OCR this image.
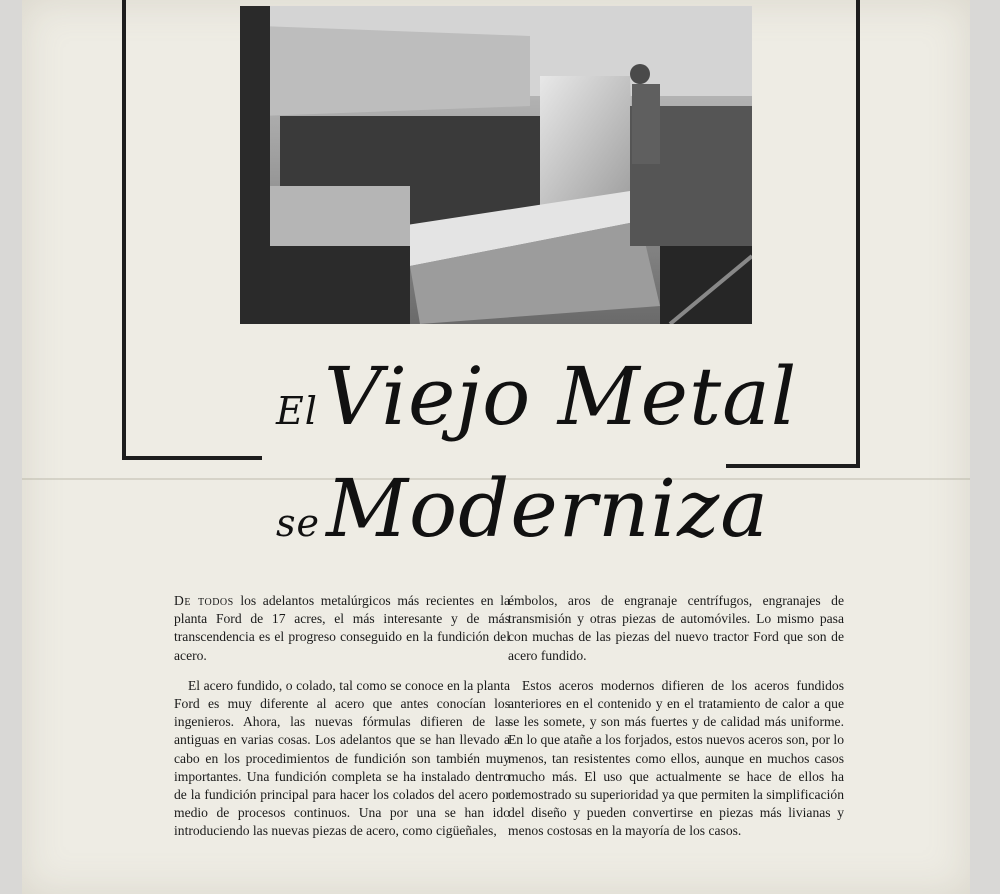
El Viejo Metal
se Moderniza

De todos los adelantos metalúrgicos más recientes en la planta Ford de 17 acres, el más interesante y de más transcendencia es el progreso conseguido en la fundición del acero.

El acero fundido, o colado, tal como se conoce en la planta Ford es muy diferente al acero que antes conocían los ingenieros. Ahora, las nuevas fórmulas difieren de las antiguas en varias cosas. Los adelantos que se han llevado a cabo en los procedimientos de fundición son también muy importantes. Una fundición completa se ha instalado dentro de la fundición principal para hacer los colados del acero por medio de procesos continuos. Una por una se han ido introduciendo las nuevas piezas de acero, como cigüeñales,

émbolos, aros de engranaje centrífugos, engranajes de transmisión y otras piezas de automóviles. Lo mismo pasa con muchas de las piezas del nuevo tractor Ford que son de acero fundido.

Estos aceros modernos difieren de los aceros fundidos anteriores en el contenido y en el tratamiento de calor a que se les somete, y son más fuertes y de calidad más uniforme. En lo que atañe a los forjados, estos nuevos aceros son, por lo menos, tan resistentes como ellos, aunque en muchos casos mucho más. El uso que actualmente se hace de ellos ha demostrado su superioridad ya que permiten la simplificación del diseño y pueden convertirse en piezas más livianas y menos costosas en la mayoría de los casos.
